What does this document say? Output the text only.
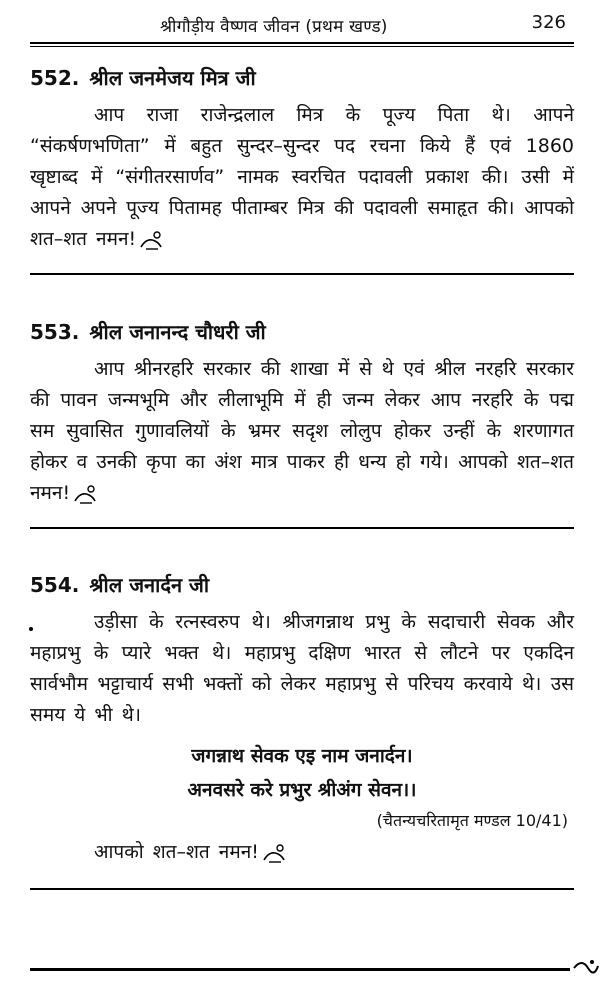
श्रीगौड़ीय वैष्णव जीवन (प्रथम खण्ड)	326
552. श्रील जनमेजय मित्र जी

आप राजा राजेन्द्रलाल मित्र के पूज्य पिता थे। आपने “संकर्षणभणिता” में बहुत सुन्दर–सुन्दर पद रचना किये हैं एवं 1860 खृष्टाब्द में “संगीतरसार्णव” नामक स्वरचित पदावली प्रकाश की। उसी में आपने अपने पूज्य पितामह पीताम्बर मित्र की पदावली समाहृत की। आपको शत–शत नमन!

553. श्रील जनानन्द चौधरी जी

आप श्रीनरहरि सरकार की शाखा में से थे एवं श्रील नरहरि सरकार की पावन जन्मभूमि और लीलाभूमि में ही जन्म लेकर आप नरहरि के पद्म सम सुवासित गुणावलियों के भ्रमर सदृश लोलुप होकर उन्हीं के शरणागत होकर व उनकी कृपा का अंश मात्र पाकर ही धन्य हो गये। आपको शत–शत नमन!

554. श्रील जनार्दन जी

उड़ीसा के रत्नस्वरुप थे। श्रीजगन्नाथ प्रभु के सदाचारी सेवक और महाप्रभु के प्यारे भक्त थे। महाप्रभु दक्षिण भारत से लौटने पर एकदिन सार्वभौम भट्टाचार्य सभी भक्तों को लेकर महाप्रभु से परिचय करवाये थे। उस समय ये भी थे।

जगन्नाथ सेवक एइ नाम जनार्दन।

अनवसरे करे प्रभुर श्रीअंग सेवन।।

(चैतन्यचरितामृत मण्डल 10/41)

आपको शत–शत नमन!
